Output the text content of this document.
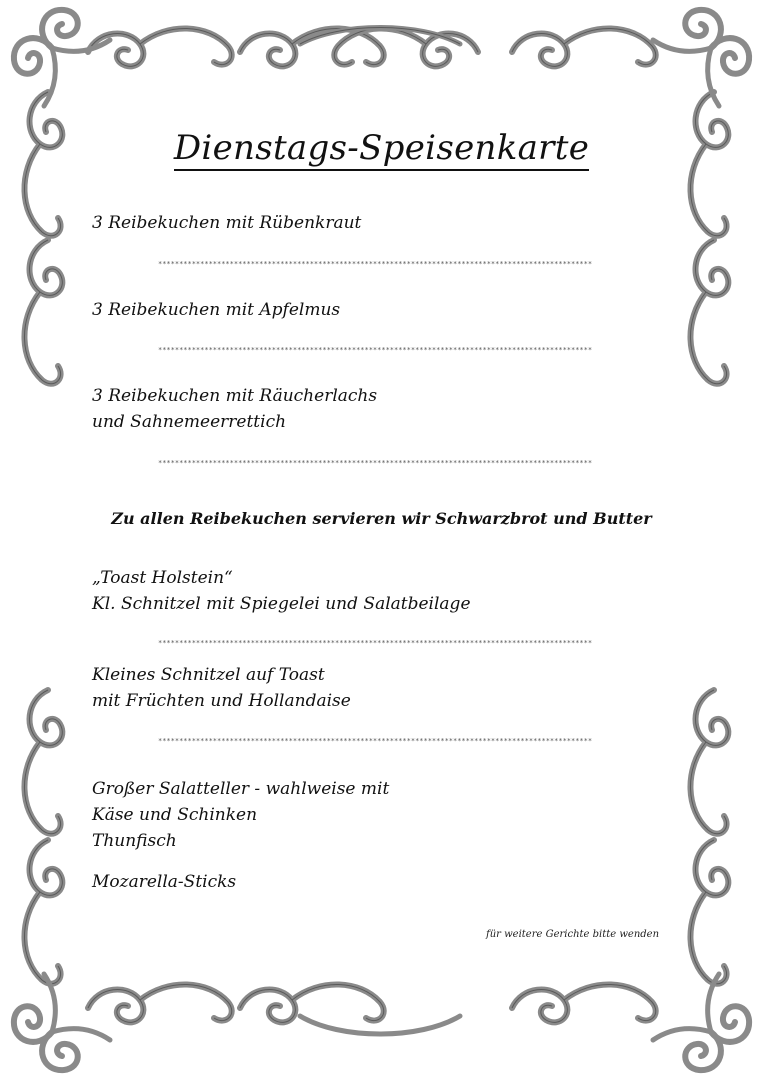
Dienstags-Speisenkarte
3 Reibekuchen mit Rübenkraut
*******************************************************************************************************
3 Reibekuchen mit Apfelmus
*******************************************************************************************************
3 Reibekuchen mit Räucherlachs
und Sahnemeerrettich
*******************************************************************************************************
Zu allen Reibekuchen servieren wir Schwarzbrot und Butter
„Toast Holstein“
Kl. Schnitzel mit Spiegelei und Salatbeilage
*******************************************************************************************************
Kleines Schnitzel auf Toast
mit Früchten und Hollandaise
*******************************************************************************************************
Großer Salatteller - wahlweise mit
Käse und Schinken
Thunfisch
Mozarella-Sticks
für weitere Gerichte bitte wenden
